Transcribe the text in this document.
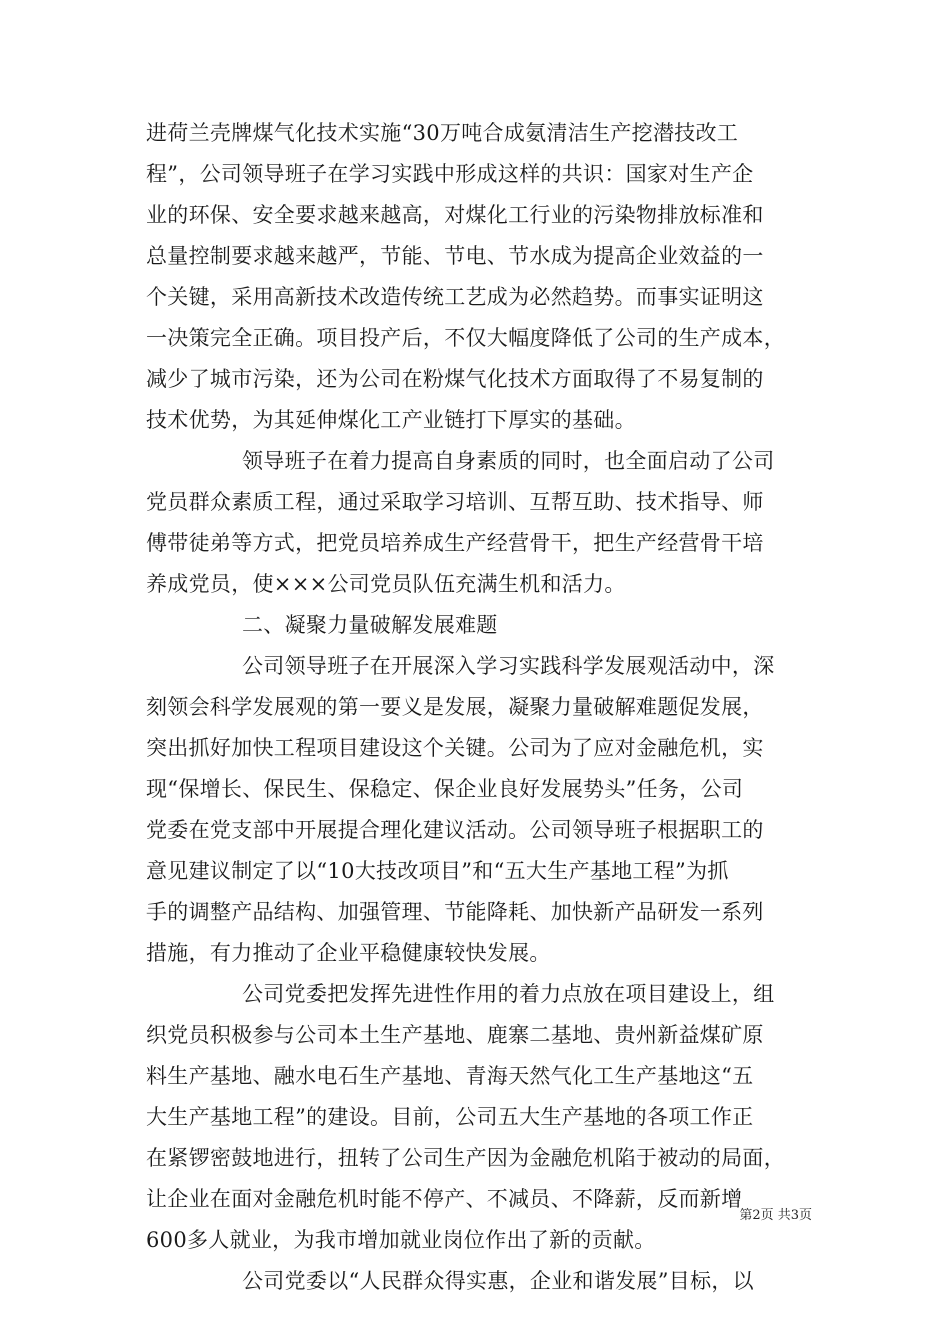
进荷兰壳牌煤气化技术实施“30万吨合成氨清洁生产挖潜技改工
程”，公司领导班子在学习实践中形成这样的共识：国家对生产企
业的环保、安全要求越来越高，对煤化工行业的污染物排放标准和
总量控制要求越来越严，节能、节电、节水成为提高企业效益的一
个关键，采用高新技术改造传统工艺成为必然趋势。而事实证明这
一决策完全正确。项目投产后，不仅大幅度降低了公司的生产成本，
减少了城市污染，还为公司在粉煤气化技术方面取得了不易复制的
技术优势，为其延伸煤化工产业链打下厚实的基础。
领导班子在着力提高自身素质的同时，也全面启动了公司
党员群众素质工程，通过采取学习培训、互帮互助、技术指导、师
傅带徒弟等方式，把党员培养成生产经营骨干，把生产经营骨干培
养成党员，使×××公司党员队伍充满生机和活力。
二、凝聚力量破解发展难题
公司领导班子在开展深入学习实践科学发展观活动中，深
刻领会科学发展观的第一要义是发展，凝聚力量破解难题促发展，
突出抓好加快工程项目建设这个关键。公司为了应对金融危机，实
现“保增长、保民生、保稳定、保企业良好发展势头”任务，公司
党委在党支部中开展提合理化建议活动。公司领导班子根据职工的
意见建议制定了以“10大技改项目”和“五大生产基地工程”为抓
手的调整产品结构、加强管理、节能降耗、加快新产品研发一系列
措施，有力推动了企业平稳健康较快发展。
公司党委把发挥先进性作用的着力点放在项目建设上，组
织党员积极参与公司本土生产基地、鹿寨二基地、贵州新益煤矿原
料生产基地、融水电石生产基地、青海天然气化工生产基地这“五
大生产基地工程”的建设。目前，公司五大生产基地的各项工作正
在紧锣密鼓地进行，扭转了公司生产因为金融危机陷于被动的局面，
让企业在面对金融危机时能不停产、不减员、不降薪，反而新增
600多人就业，为我市增加就业岗位作出了新的贡献。
公司党委以“人民群众得实惠，企业和谐发展”目标，以
第2页 共3页
